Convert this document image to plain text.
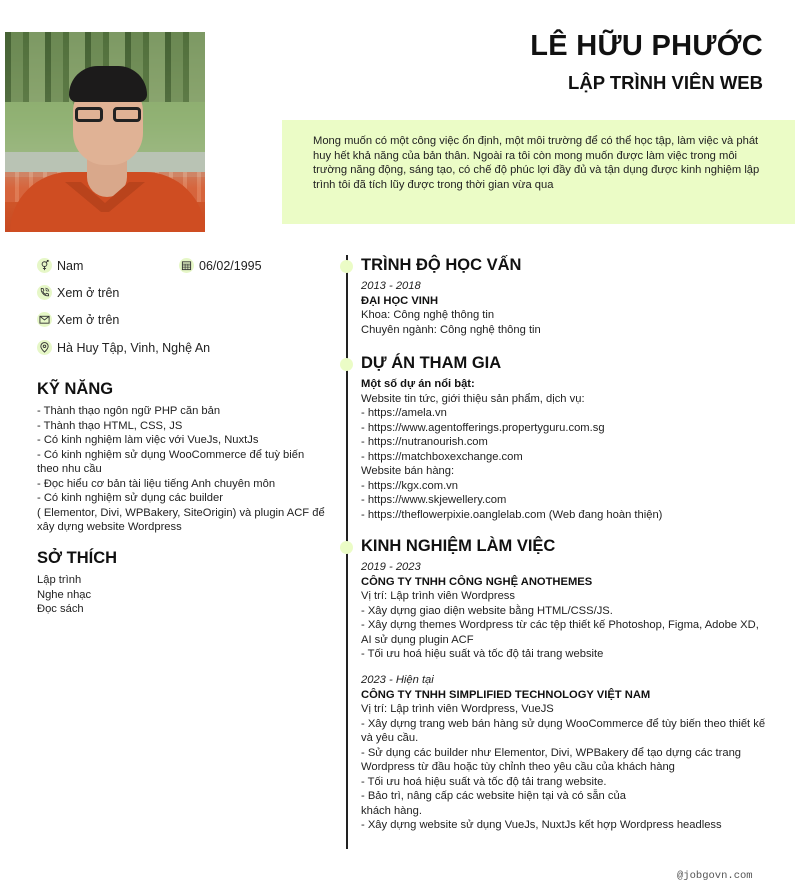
LÊ HỮU PHƯỚC
LẬP TRÌNH VIÊN WEB
Mong muốn có một công việc ổn định, một môi trường để có thể học tập, làm việc và phát huy hết khả năng của bản thân. Ngoài ra tôi còn mong muốn được làm việc trong môi trường năng động, sáng tạo, có chế độ phúc lợi đầy đủ và tận dụng được kinh nghiệm lập trình tôi đã tích lũy được trong thời gian vừa qua
Nam	06/02/1995
Xem ở trên
Xem ở trên
Hà Huy Tập, Vinh, Nghệ An
KỸ NĂNG
- Thành thạo ngôn ngữ PHP căn bản
- Thành thạo HTML, CSS, JS
- Có kinh nghiệm làm việc với VueJs, NuxtJs
- Có kinh nghiệm sử dụng WooCommerce để tuỳ biến theo nhu cầu
- Đọc hiểu cơ bản tài liệu tiếng Anh chuyên môn
- Có kinh nghiệm sử dụng các builder
( Elementor, Divi, WPBakery, SiteOrigin) và plugin ACF để xây dựng website Wordpress
SỞ THÍCH
Lập trình
Nghe nhạc
Đọc sách
TRÌNH ĐỘ HỌC VẤN
2013 - 2018
ĐẠI HỌC VINH
Khoa: Công nghệ thông tin
Chuyên ngành: Công nghệ thông tin
DỰ ÁN THAM GIA
Một số dự án nổi bật:
Website tin tức, giới thiệu sản phẩm, dịch vụ:
- https://amela.vn
- https://www.agentofferings.propertyguru.com.sg
- https://nutranourish.com
- https://matchboxexchange.com
Website bán hàng:
- https://kgx.com.vn
- https://www.skjewellery.com
- https://theflowerpixie.oanglelab.com (Web đang hoàn thiện)
KINH NGHIỆM LÀM VIỆC
2019 - 2023
CÔNG TY TNHH CÔNG NGHỆ ANOTHEMES
Vị trí: Lập trình viên Wordpress
- Xây dựng giao diện website bằng HTML/CSS/JS.
- Xây dựng themes Wordpress từ các tệp thiết kế Photoshop, Figma, Adobe XD, AI sử dụng plugin ACF
- Tối ưu hoá hiệu suất và tốc độ tải trang website
2023 - Hiện tại
CÔNG TY TNHH SIMPLIFIED TECHNOLOGY VIỆT NAM
Vị trí: Lập trình viên Wordpress, VueJS
- Xây dựng trang web bán hàng sử dụng WooCommerce để tùy biến theo thiết kế và yêu cầu.
- Sử dụng các builder như Elementor, Divi, WPBakery để tạo dựng các trang Wordpress từ đầu hoặc tùy chỉnh theo yêu cầu của khách hàng
- Tối ưu hoá hiệu suất và tốc độ tải trang website.
- Bảo trì, nâng cấp các website hiện tại và có sẵn của
khách hàng.
- Xây dựng website sử dụng VueJs, NuxtJs kết hợp Wordpress headless
@jobgovn.com
